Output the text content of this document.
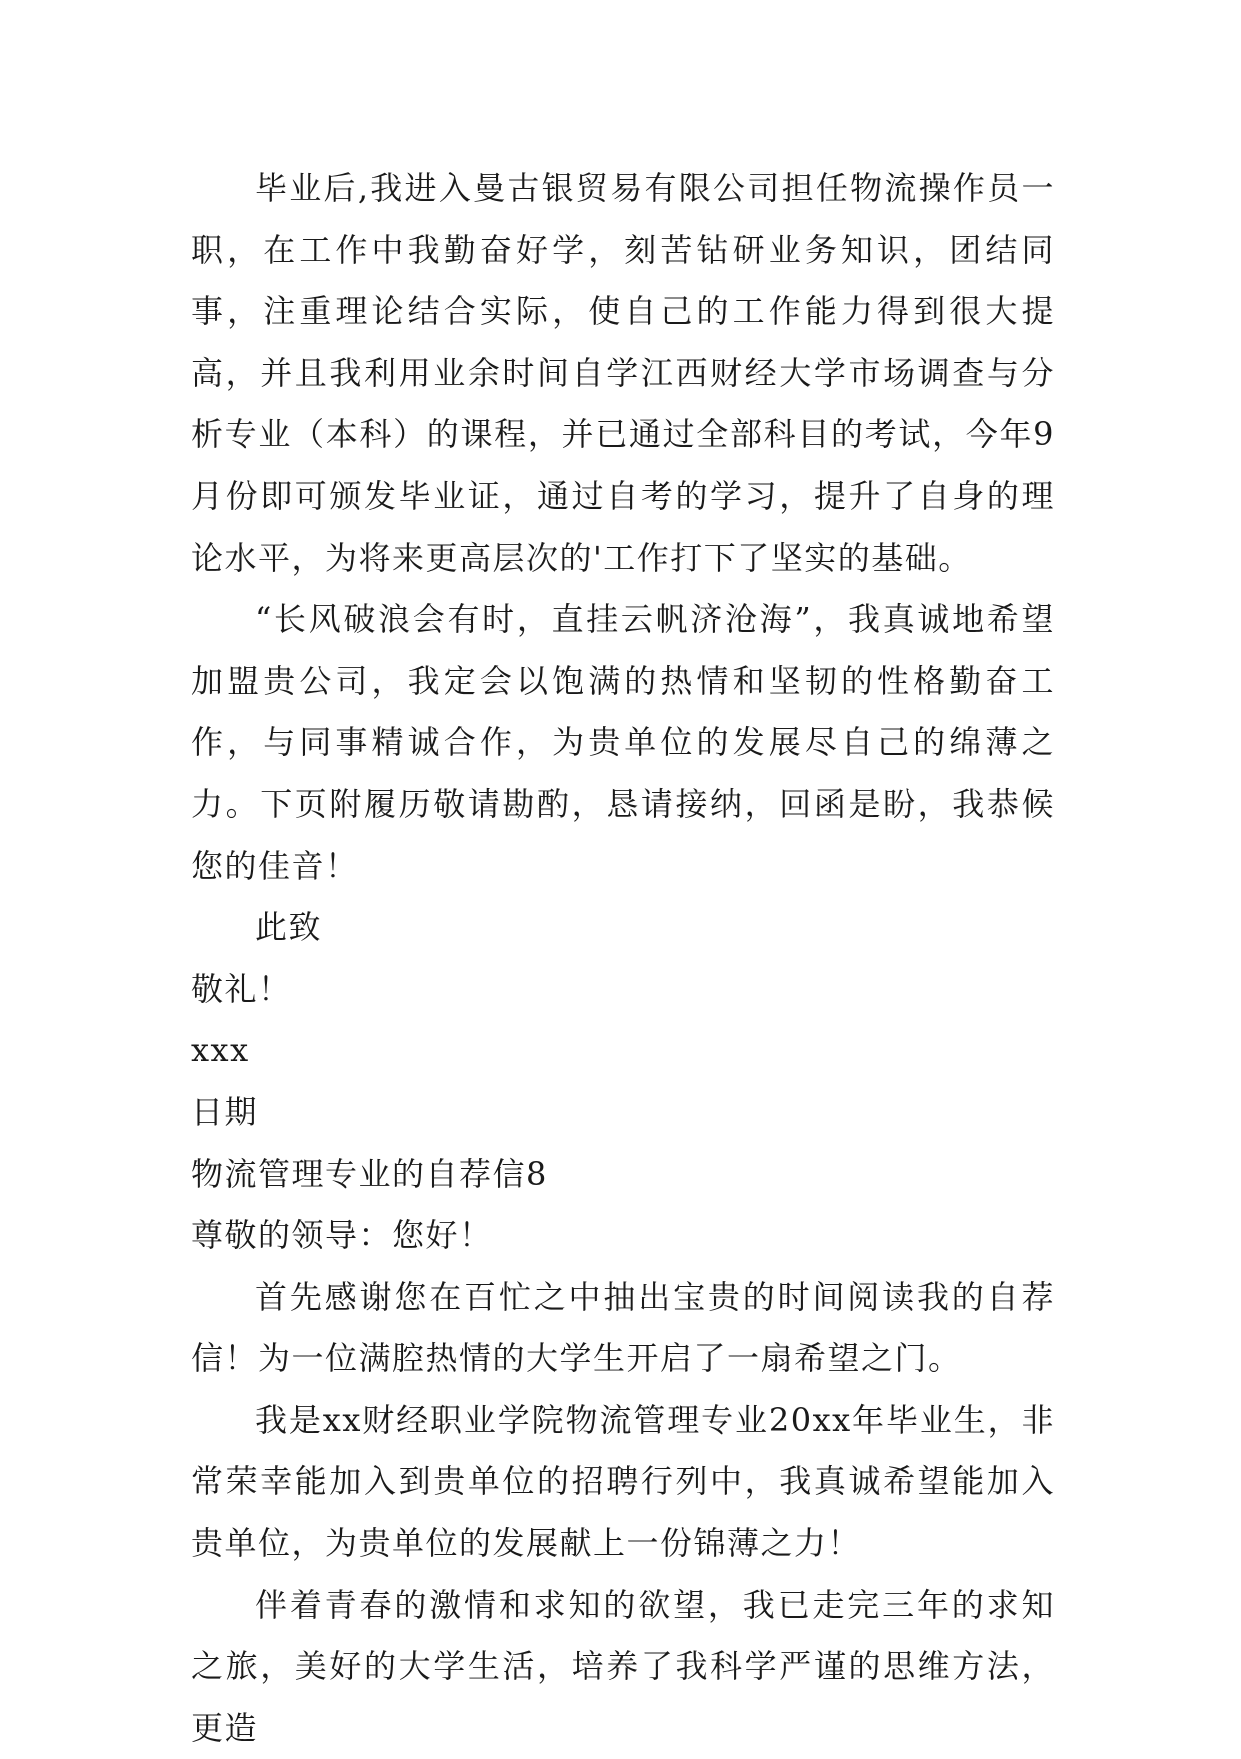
毕业后,我进入曼古银贸易有限公司担任物流操作员一职，在工作中我勤奋好学，刻苦钻研业务知识，团结同事，注重理论结合实际，使自己的工作能力得到很大提高，并且我利用业余时间自学江西财经大学市场调查与分析专业（本科）的课程，并已通过全部科目的考试，今年9月份即可颁发毕业证，通过自考的学习，提升了自身的理论水平，为将来更高层次的'工作打下了坚实的基础。

“长风破浪会有时，直挂云帆济沧海”，我真诚地希望加盟贵公司，我定会以饱满的热情和坚韧的性格勤奋工作，与同事精诚合作，为贵单位的发展尽自己的绵薄之力。下页附履历敬请勘酌，恳请接纳，回函是盼，我恭候您的佳音！

此致

敬礼！

xxx

日期

物流管理专业的自荐信8

尊敬的领导：您好！

首先感谢您在百忙之中抽出宝贵的时间阅读我的自荐信！为一位满腔热情的大学生开启了一扇希望之门。

我是xx财经职业学院物流管理专业20xx年毕业生，非常荣幸能加入到贵单位的招聘行列中，我真诚希望能加入贵单位，为贵单位的发展献上一份锦薄之力！

伴着青春的激情和求知的欲望，我已走完三年的求知之旅，美好的大学生活，培养了我科学严谨的思维方法，更造
